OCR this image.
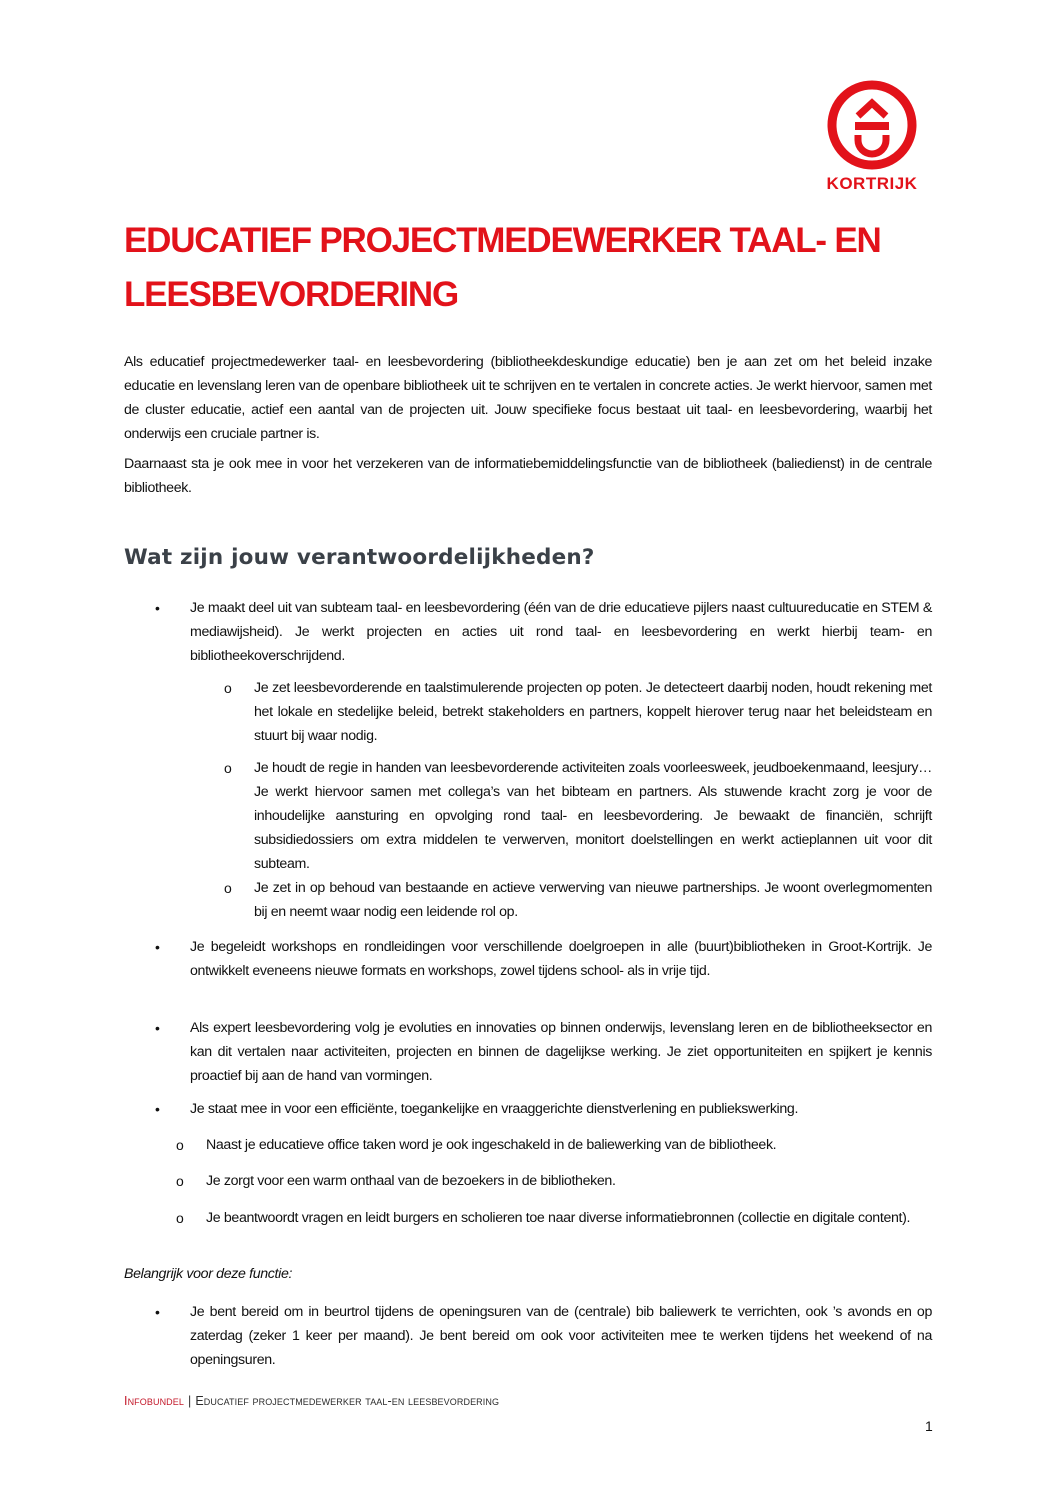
KORTRIJK
EDUCATIEF PROJECTMEDEWERKER TAAL- EN LEESBEVORDERING

Als educatief projectmedewerker taal- en leesbevordering (bibliotheekdeskundige educatie) ben je aan zet om het beleid inzake educatie en levenslang leren van de openbare bibliotheek uit te schrijven en te vertalen in concrete acties. Je werkt hiervoor, samen met de cluster educatie, actief een aantal van de projecten uit. Jouw specifieke focus bestaat uit taal- en leesbevordering, waarbij het onderwijs een cruciale partner is.

Daarnaast sta je ook mee in voor het verzekeren van de informatiebemiddelingsfunctie van de bibliotheek (baliedienst) in de centrale bibliotheek.

Wat zijn jouw verantwoordelijkheden?
• Je maakt deel uit van subteam taal- en leesbevordering (één van de drie educatieve pijlers naast cultuureducatie en STEM & mediawijsheid). Je werkt projecten en acties uit rond taal- en leesbevordering en werkt hierbij team- en bibliotheekoverschrijdend.

o Je zet leesbevorderende en taalstimulerende projecten op poten. Je detecteert daarbij noden, houdt rekening met het lokale en stedelijke beleid, betrekt stakeholders en partners, koppelt hierover terug naar het beleidsteam en stuurt bij waar nodig.

o Je houdt de regie in handen van leesbevorderende activiteiten zoals voorleesweek, jeudboekenmaand, leesjury… Je werkt hiervoor samen met collega’s van het bibteam en partners. Als stuwende kracht zorg je voor de inhoudelijke aansturing en opvolging rond taal- en leesbevordering. Je bewaakt de financiën, schrijft subsidiedossiers om extra middelen te verwerven, monitort doelstellingen en werkt actieplannen uit voor dit subteam.

o Je zet in op behoud van bestaande en actieve verwerving van nieuwe partnerships. Je woont overlegmomenten bij en neemt waar nodig een leidende rol op.

• Je begeleidt workshops en rondleidingen voor verschillende doelgroepen in alle (buurt)bibliotheken in Groot-Kortrijk. Je ontwikkelt eveneens nieuwe formats en workshops, zowel tijdens school- als in vrije tijd.

• Als expert leesbevordering volg je evoluties en innovaties op binnen onderwijs, levenslang leren en de bibliotheeksector en kan dit vertalen naar activiteiten, projecten en binnen de dagelijkse werking. Je ziet opportuniteiten en spijkert je kennis proactief bij aan de hand van vormingen.

• Je staat mee in voor een efficiënte, toegankelijke en vraaggerichte dienstverlening en publiekswerking.

o Naast je educatieve office taken word je ook ingeschakeld in de baliewerking van de bibliotheek.

o Je zorgt voor een warm onthaal van de bezoekers in de bibliotheken.

o Je beantwoordt vragen en leidt burgers en scholieren toe naar diverse informatiebronnen (collectie en digitale content).

Belangrijk voor deze functie:

• Je bent bereid om in beurtrol tijdens de openingsuren van de (centrale) bib baliewerk te verrichten, ook ’s avonds en op zaterdag (zeker 1 keer per maand). Je bent bereid om ook voor activiteiten mee te werken tijdens het weekend of na openingsuren.

Infobundel | Educatief projectmedewerker taal-en leesbevordering
1
